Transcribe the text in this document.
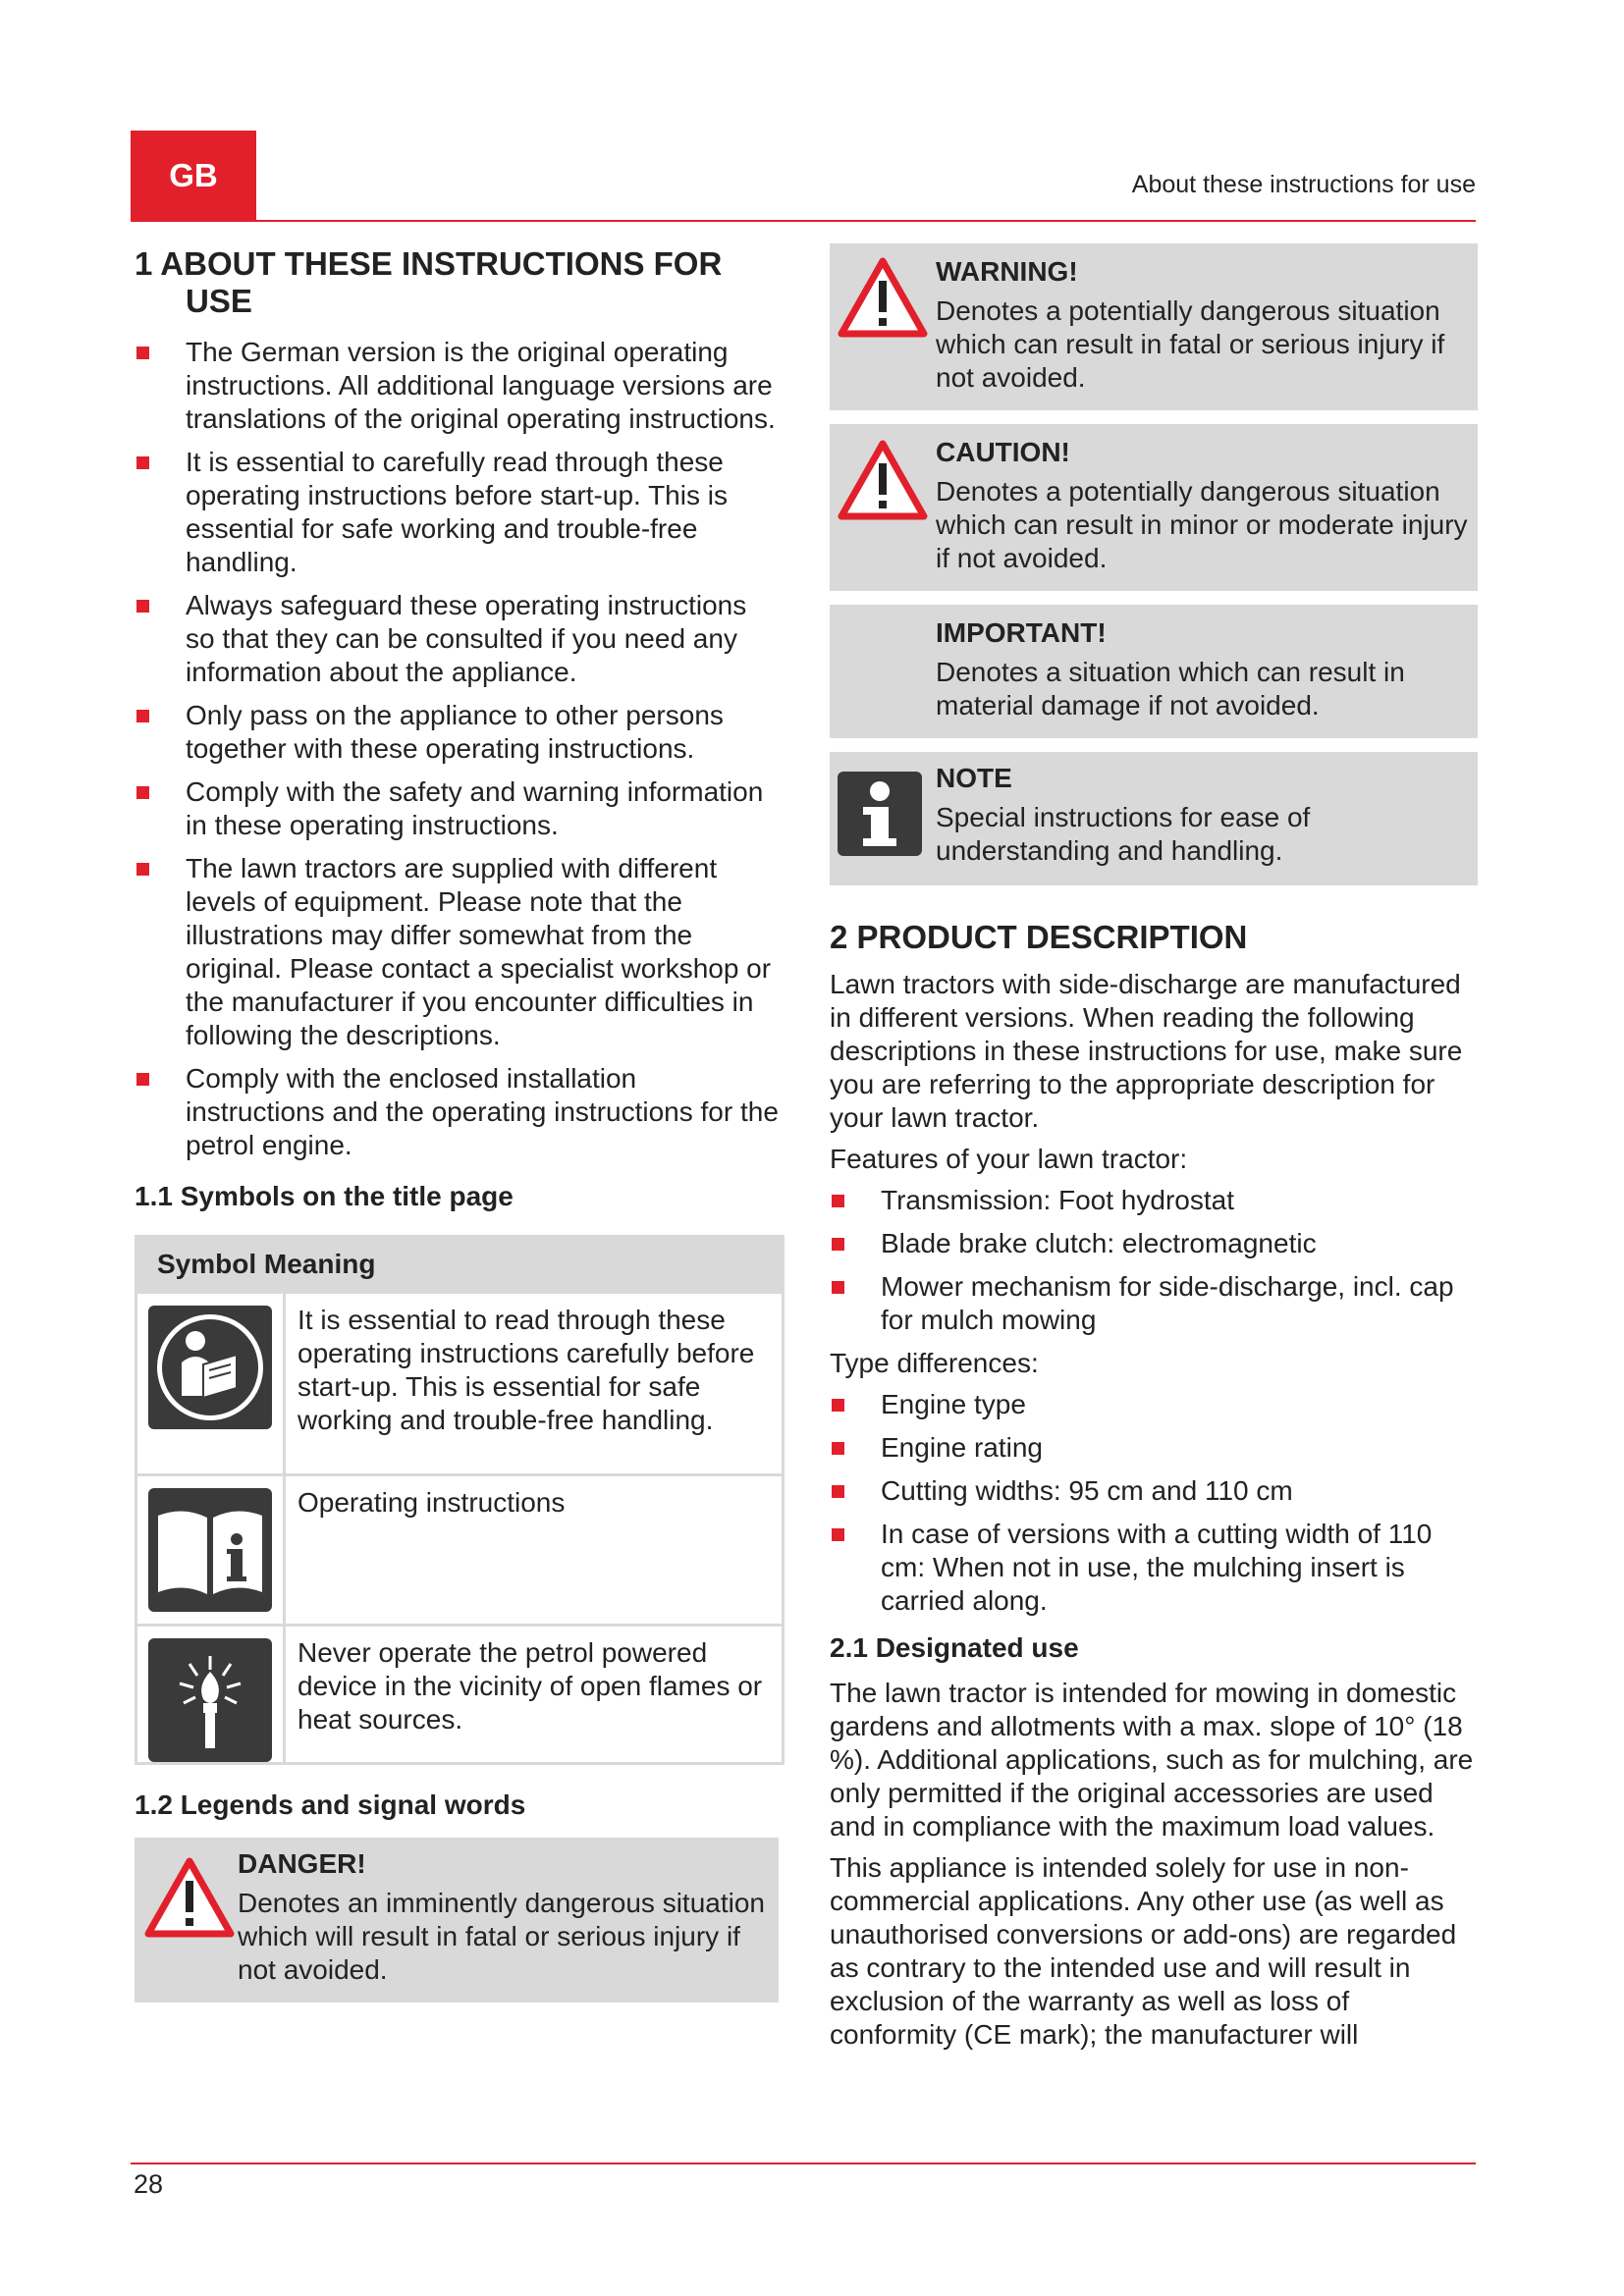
GB	About these instructions for use
1 ABOUT THESE INSTRUCTIONS FOR USE
The German version is the original operating instructions. All additional language versions are translations of the original operating instructions.
It is essential to carefully read through these operating instructions before start-up. This is essential for safe working and trouble-free handling.
Always safeguard these operating instructions so that they can be consulted if you need any information about the appliance.
Only pass on the appliance to other persons together with these operating instructions.
Comply with the safety and warning information in these operating instructions.
The lawn tractors are supplied with different levels of equipment. Please note that the illustrations may differ somewhat from the original. Please contact a specialist workshop or the manufacturer if you encounter difficulties in following the descriptions.
Comply with the enclosed installation instructions and the operating instructions for the petrol engine.
1.1 Symbols on the title page
Symbol Meaning
It is essential to read through these operating instructions carefully before start-up. This is essential for safe working and trouble-free handling.
Operating instructions
Never operate the petrol powered device in the vicinity of open flames or heat sources.
1.2 Legends and signal words
DANGER!
Denotes an imminently dangerous situation which will result in fatal or serious injury if not avoided.
WARNING!
Denotes a potentially dangerous situation which can result in fatal or serious injury if not avoided.
CAUTION!
Denotes a potentially dangerous situation which can result in minor or moderate injury if not avoided.
IMPORTANT!
Denotes a situation which can result in material damage if not avoided.
NOTE
Special instructions for ease of understanding and handling.
2 PRODUCT DESCRIPTION

Lawn tractors with side-discharge are manufactured in different versions. When reading the following descriptions in these instructions for use, make sure you are referring to the appropriate description for your lawn tractor.

Features of your lawn tractor:

Transmission: Foot hydrostat
Blade brake clutch: electromagnetic
Mower mechanism for side-discharge, incl. cap for mulch mowing

Type differences:

Engine type
Engine rating
Cutting widths: 95 cm and 110 cm
In case of versions with a cutting width of 110 cm: When not in use, the mulching insert is carried along.
2.1 Designated use

The lawn tractor is intended for mowing in domestic gardens and allotments with a max. slope of 10° (18 %). Additional applications, such as for mulching, are only permitted if the original accessories are used and in compliance with the maximum load values.

This appliance is intended solely for use in non-commercial applications. Any other use (as well as unauthorised conversions or add-ons) are regarded as contrary to the intended use and will result in exclusion of the warranty as well as loss of conformity (CE mark); the manufacturer will

28
